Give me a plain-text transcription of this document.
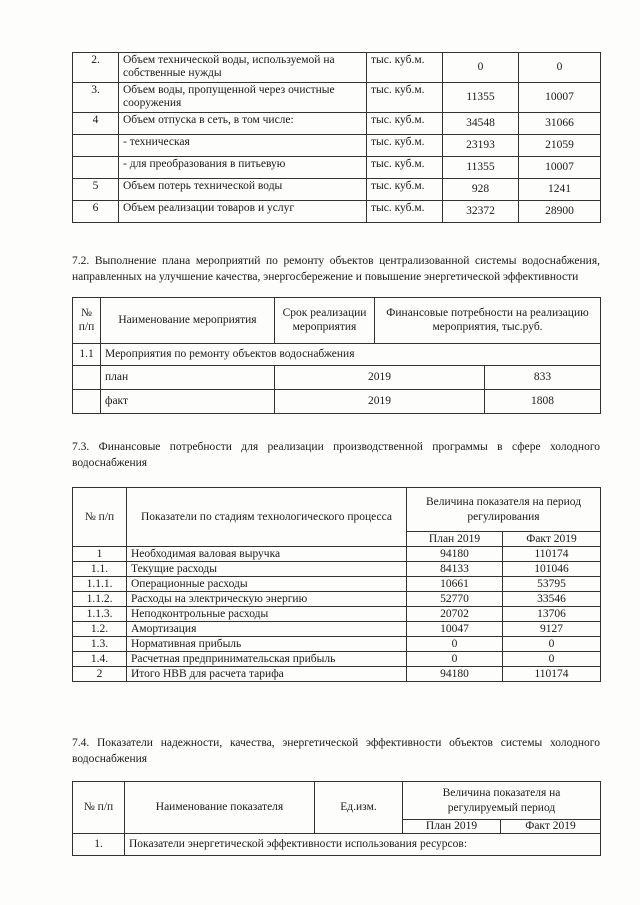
2.	Объем технической воды, используемой на собственные нужды	тыс. куб.м.	0	0
3.	Объем воды, пропущенной через очистные сооружения	тыс. куб.м.	11355	10007
4	Объем отпуска в сеть, в том числе:	тыс. куб.м.	34548	31066
	- техническая	тыс. куб.м.	23193	21059
	- для преобразования в питьевую	тыс. куб.м.	11355	10007
5	Объем потерь технической воды	тыс. куб.м.	928	1241
6	Объем реализации товаров и услуг	тыс. куб.м.	32372	28900
7.2. Выполнение плана мероприятий по ремонту объектов централизованной системы водоснабжения, направленных на улучшение качества, энергосбережение и повышение энергетической эффективности
№ п/п	Наименование мероприятия	Срок реализации мероприятия	Финансовые потребности на реализацию мероприятия, тыс.руб.	
1.1	Мероприятия по ремонту объектов водоснабжения			
	план	2019		833
	факт	2019		1808
7.3. Финансовые потребности для реализации производственной программы в сфере холодного водоснабжения
№ п/п	Показатели по стадиям технологического процесса	Величина показателя на период регулирования	
		План 2019	Факт 2019
1	Необходимая валовая выручка	94180	110174
1.1.	Текущие расходы	84133	101046
1.1.1.	Операционные расходы	10661	53795
1.1.2.	Расходы на электрическую энергию	52770	33546
1.1.3.	Неподконтрольные расходы	20702	13706
1.2.	Амортизация	10047	9127
1.3.	Нормативная прибыль	0	0
1.4.	Расчетная предпринимательская прибыль	0	0
2	Итого НВВ для расчета тарифа	94180	110174
7.4. Показатели надежности, качества, энергетической эффективности объектов системы холодного водоснабжения
№ п/п	Наименование показателя	Ед.изм.	Величина показателя на регулируемый период	
			План 2019	Факт 2019
1.	Показатели энергетической эффективности использования ресурсов:			
